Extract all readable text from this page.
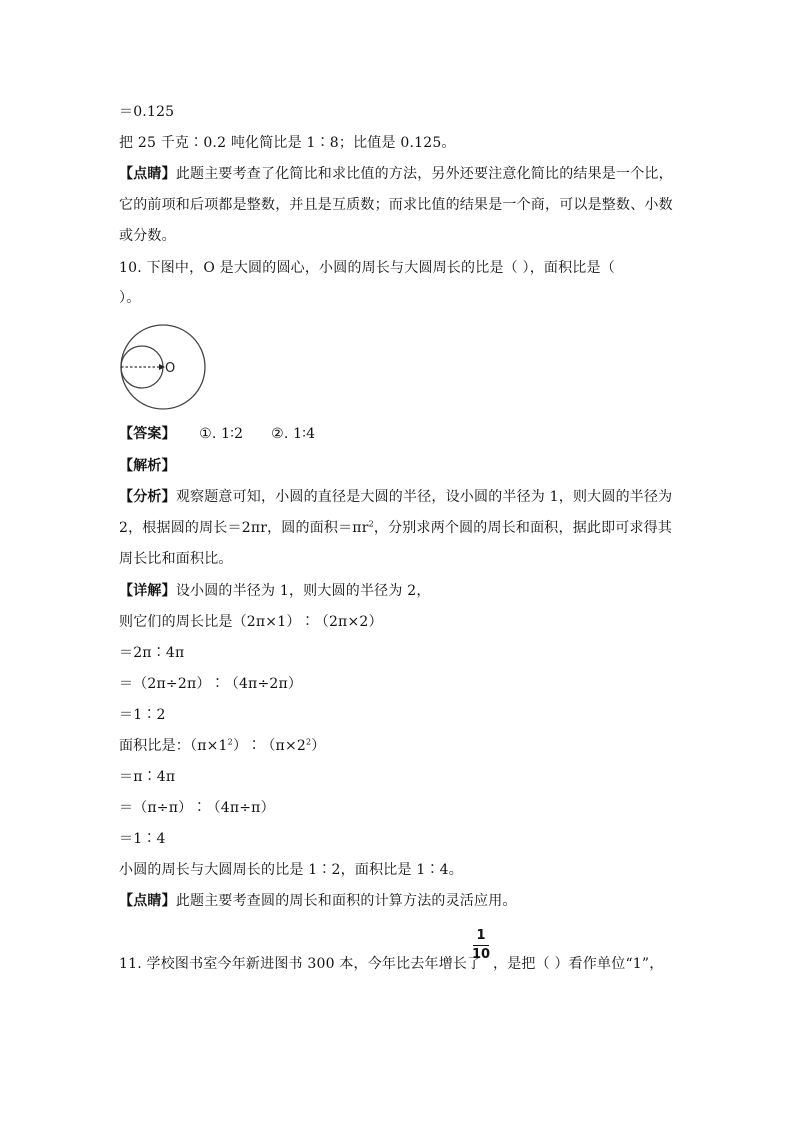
＝0.125
把 25 千克∶0.2 吨化简比是 1∶8；比值是 0.125。
【点睛】此题主要考查了化简比和求比值的方法，另外还要注意化简比的结果是一个比，
它的前项和后项都是整数，并且是互质数；而求比值的结果是一个商，可以是整数、小数
或分数。
10. 下图中，O 是大圆的圆心，小圆的周长与大圆周长的比是（ ），面积比是（
）。
O
【答案】     ①. 1∶2      ②. 1∶4
【解析】
【分析】观察题意可知，小圆的直径是大圆的半径，设小圆的半径为 1，则大圆的半径为
2，根据圆的周长＝2πr，圆的面积$=\pi r^2$，分别求两个圆的周长和面积，据此即可求得其
周长比和面积比。
【详解】设小圆的半径为 1，则大圆的半径为 2，
则它们的周长比是（2π×1）∶（2π×2）
＝2π∶4π
＝（2π÷2π）∶（4π÷2π）
＝1∶2
面积比是：$(\pi\times 1^2)∶(\pi\times 2^2)$
＝π∶4π
＝（π÷π）∶（4π÷π）
＝1∶4
小圆的周长与大圆周长的比是 1∶2，面积比是 1∶4。
【点睛】此题主要考查圆的周长和面积的计算方法的灵活应用。
11. 学校图书室今年新进图书 300 本，今年比去年增长了
1
10
，是把（ ）看作单位“1”，
